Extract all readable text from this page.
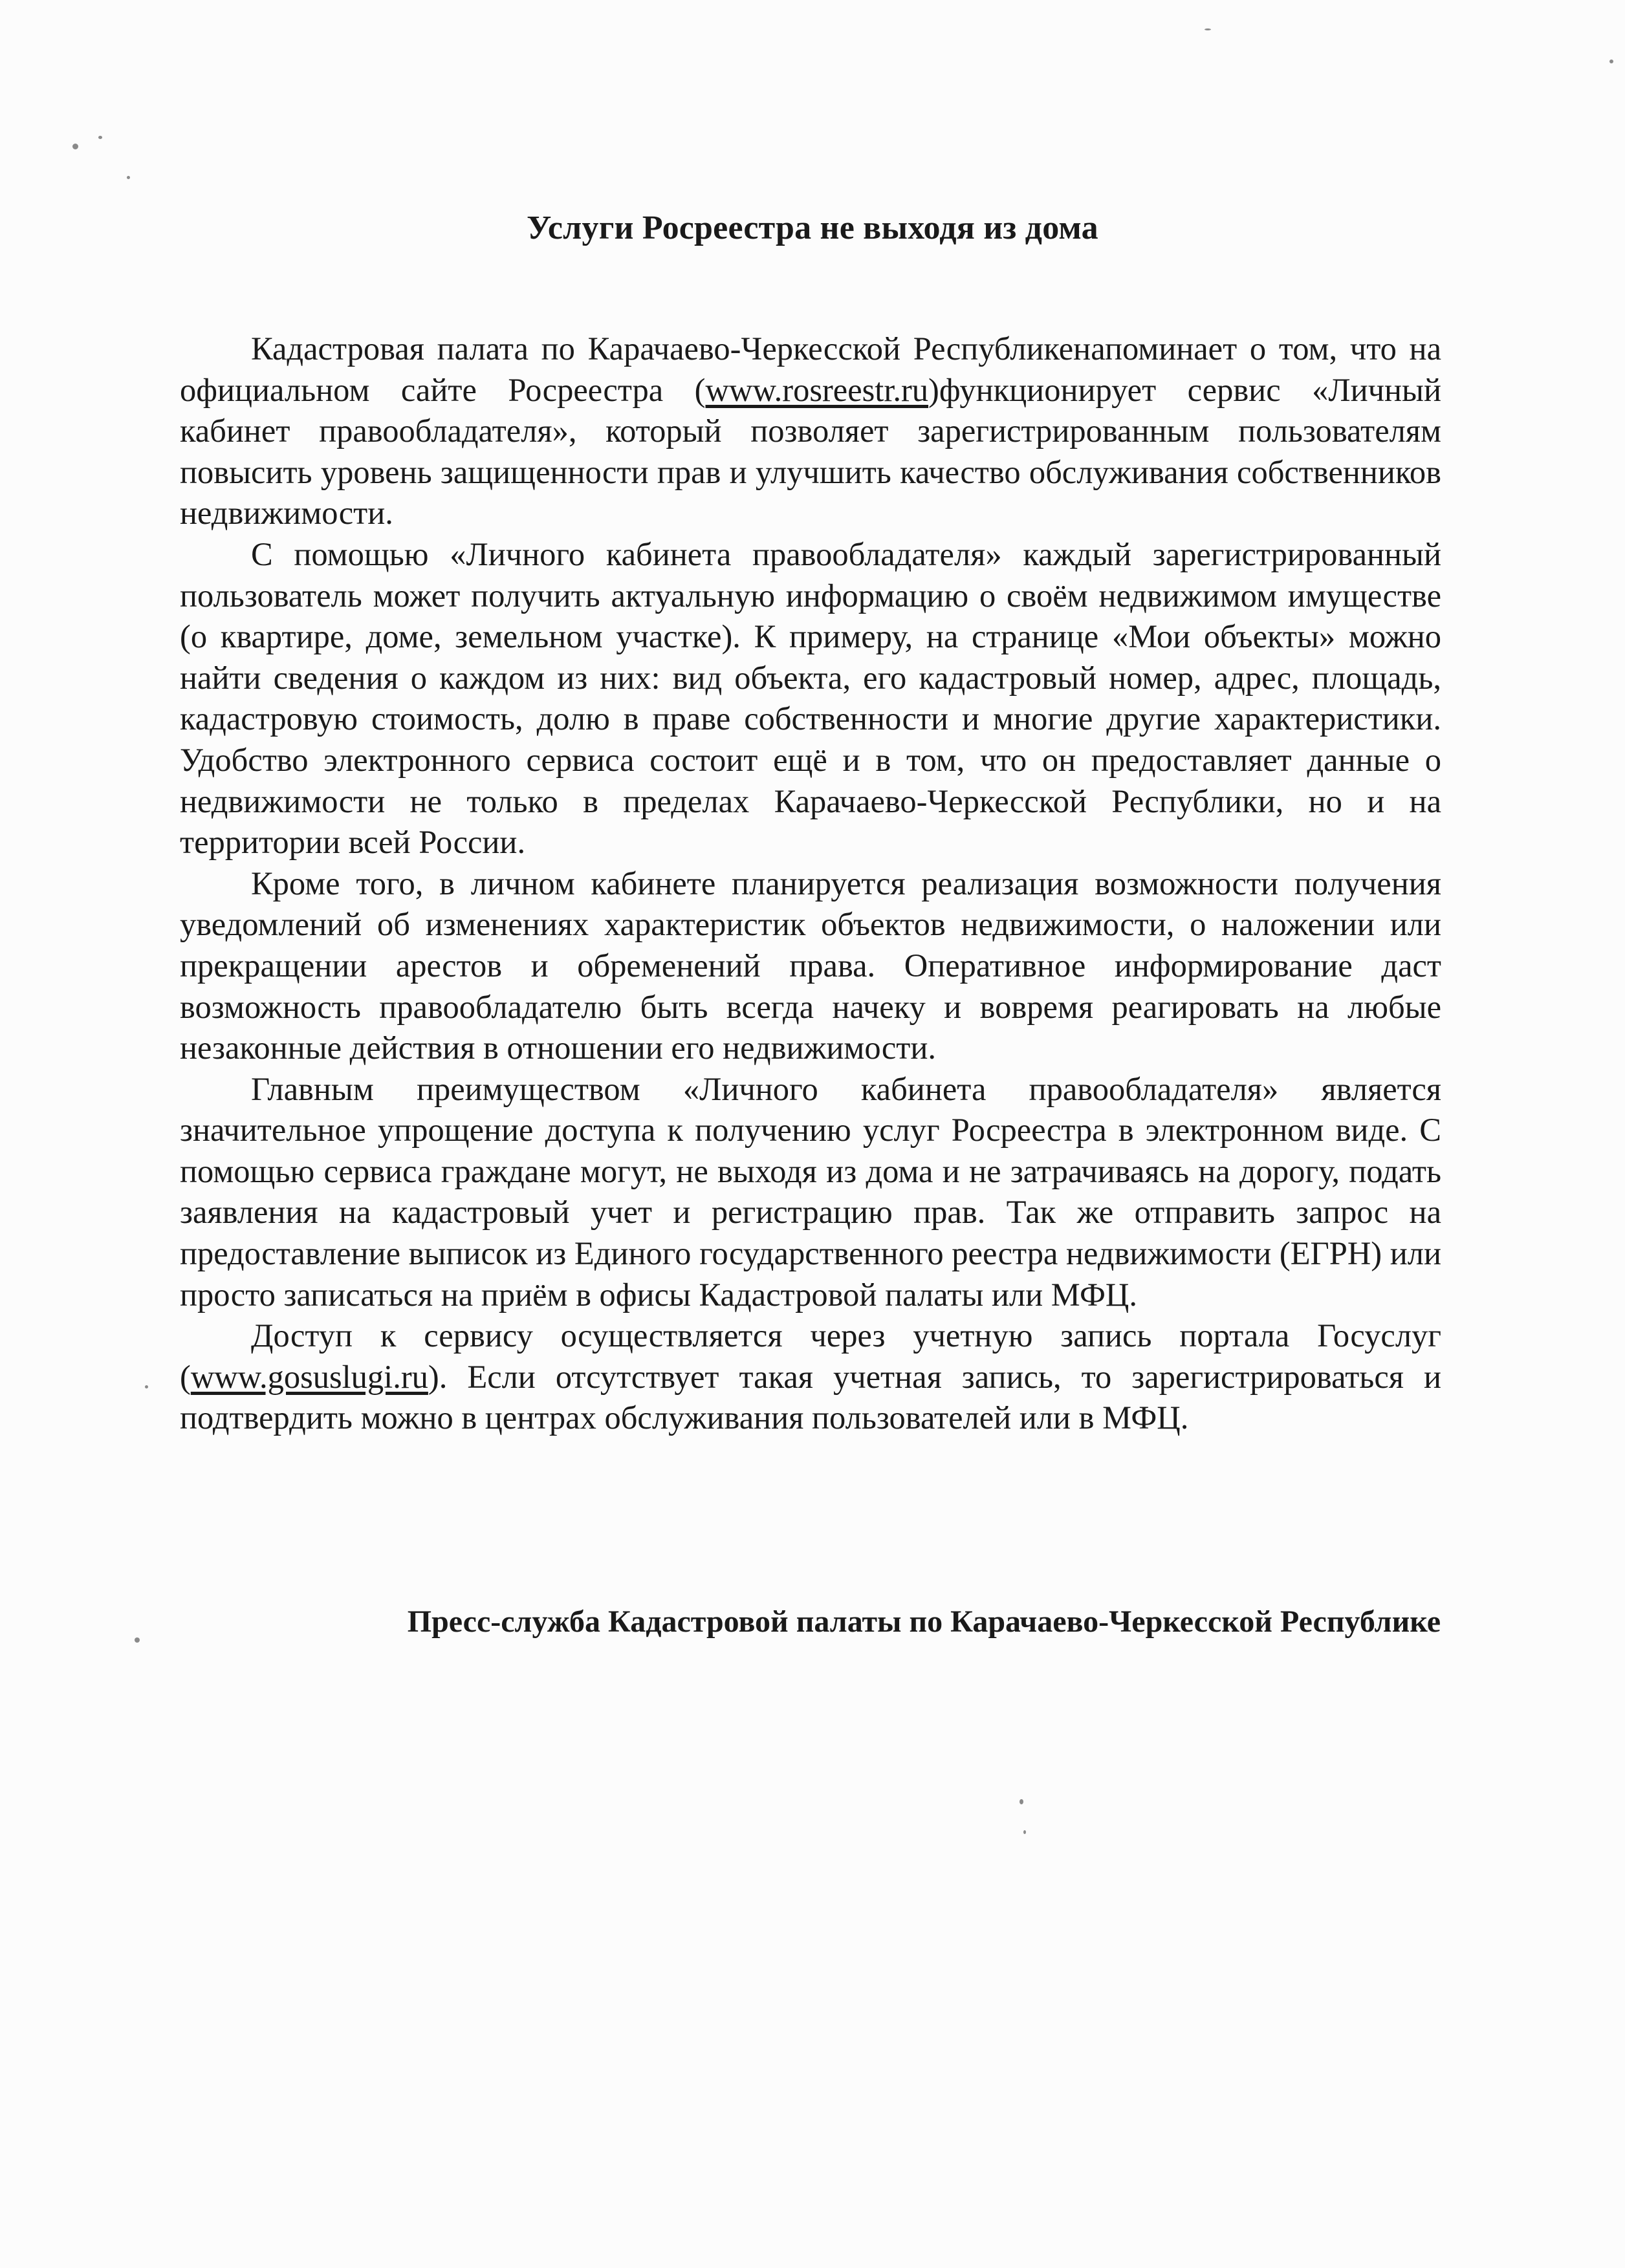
Услуги Росреестра не выходя из дома

Кадастровая палата по Карачаево-Черкесской Республикенапоминает о том, что на официальном сайте Росреестра (www.rosreestr.ru)функционирует сервис «Личный кабинет правообладателя», который позволяет зарегистрированным пользователям повысить уровень защищенности прав и улучшить качество обслуживания собственников недвижимости.

С помощью «Личного кабинета правообладателя» каждый зарегистрированный пользователь может получить актуальную информацию о своём недвижимом имуществе (о квартире, доме, земельном участке). К примеру, на странице «Мои объекты» можно найти сведения о каждом из них: вид объекта, его кадастровый номер, адрес, площадь, кадастровую стоимость, долю в праве собственности и многие другие характеристики. Удобство электронного сервиса состоит ещё и в том, что он предоставляет данные о недвижимости не только в пределах Карачаево-Черкесской Республики, но и на территории всей России.

Кроме того, в личном кабинете планируется реализация возможности получения уведомлений об изменениях характеристик объектов недвижимости, о наложении или прекращении арестов и обременений права. Оперативное информирование даст возможность правообладателю быть всегда начеку и вовремя реагировать на любые незаконные действия в отношении его недвижимости.

Главным преимуществом «Личного кабинета правообладателя» является значительное упрощение доступа к получению услуг Росреестра в электронном виде. С помощью сервиса граждане могут, не выходя из дома и не затрачиваясь на дорогу, подать заявления на кадастровый учет и регистрацию прав. Так же отправить запрос на предоставление выписок из Единого государственного реестра недвижимости (ЕГРН) или просто записаться на приём в офисы Кадастровой палаты или МФЦ.

Доступ к сервису осуществляется через учетную запись портала Госуслуг (www.gosuslugi.ru). Если отсутствует такая учетная запись, то зарегистрироваться и подтвердить можно в центрах обслуживания пользователей или в МФЦ.

Пресс-служба Кадастровой палаты по Карачаево-Черкесской Республике
